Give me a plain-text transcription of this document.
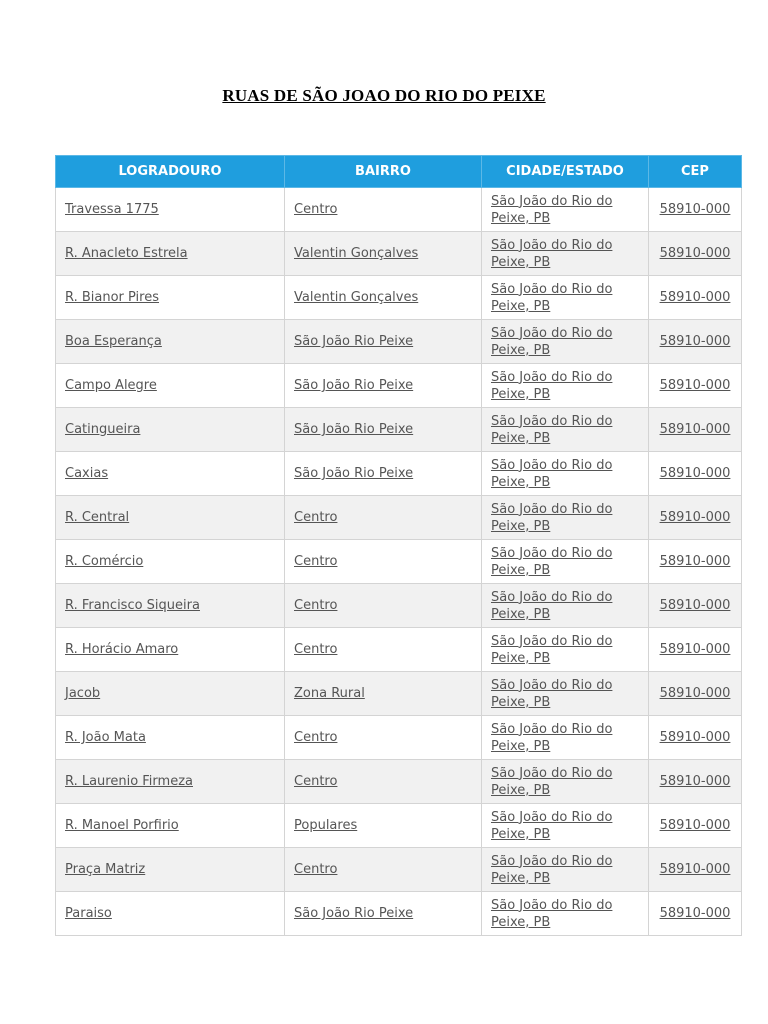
RUAS DE SÃO JOAO DO RIO DO PEIXE
LOGRADOURO	BAIRRO	CIDADE/ESTADO	CEP
Travessa 1775	Centro	São João do Rio do
Peixe, PB	58910-000
R. Anacleto Estrela	Valentin Gonçalves	São João do Rio do
Peixe, PB	58910-000
R. Bianor Pires	Valentin Gonçalves	São João do Rio do
Peixe, PB	58910-000
Boa Esperança	São João Rio Peixe	São João do Rio do
Peixe, PB	58910-000
Campo Alegre	São João Rio Peixe	São João do Rio do
Peixe, PB	58910-000
Catingueira	São João Rio Peixe	São João do Rio do
Peixe, PB	58910-000
Caxias	São João Rio Peixe	São João do Rio do
Peixe, PB	58910-000
R. Central	Centro	São João do Rio do
Peixe, PB	58910-000
R. Comércio	Centro	São João do Rio do
Peixe, PB	58910-000
R. Francisco Siqueira	Centro	São João do Rio do
Peixe, PB	58910-000
R. Horácio Amaro	Centro	São João do Rio do
Peixe, PB	58910-000
Jacob	Zona Rural	São João do Rio do
Peixe, PB	58910-000
R. João Mata	Centro	São João do Rio do
Peixe, PB	58910-000
R. Laurenio Firmeza	Centro	São João do Rio do
Peixe, PB	58910-000
R. Manoel Porfirio	Populares	São João do Rio do
Peixe, PB	58910-000
Praça Matriz	Centro	São João do Rio do
Peixe, PB	58910-000
Paraiso	São João Rio Peixe	São João do Rio do
Peixe, PB	58910-000
